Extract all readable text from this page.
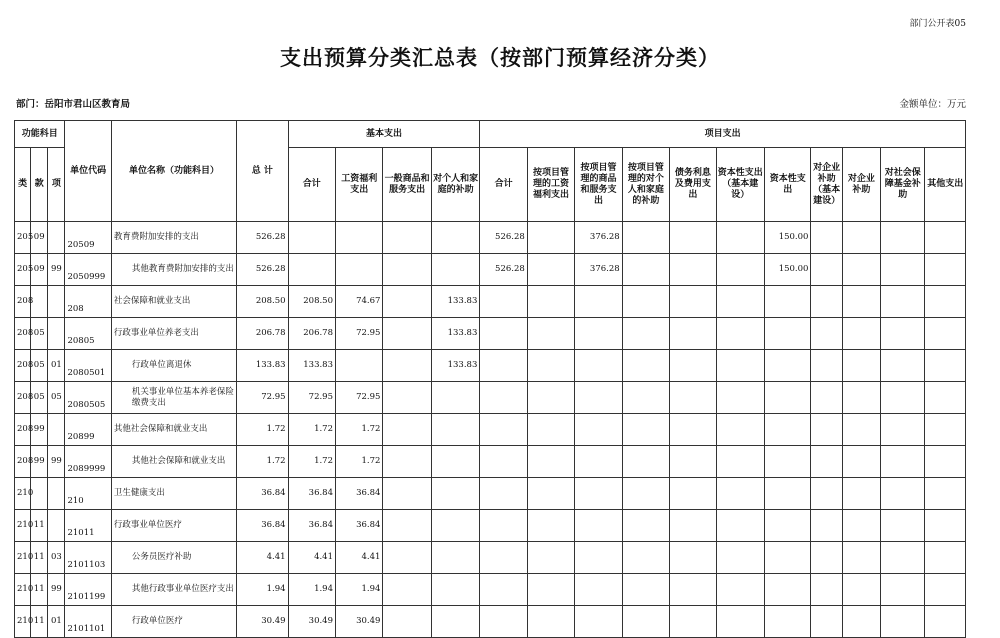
部门公开表05
支出预算分类汇总表（按部门预算经济分类）
部门：岳阳市君山区教育局	金额单位：万元
功能科目			单位代码	单位名称（功能科目）	总 计	基本支出				项目支出										
类	款	项				合计	工资福利支出	一般商品和服务支出	对个人和家庭的补助	合计	按项目管理的工资福利支出	按项目管理的商品和服务支出	按项目管理的对个人和家庭的补助	债务利息及费用支出	资本性支出（基本建设）	资本性支出	对企业补助（基本建设）	对企业补助	对社会保障基金补助	其他支出
205	09		20509	教育费附加安排的支出	526.28					526.28		376.28				150.00				
205	09	99	2050999	其他教育费附加安排的支出	526.28					526.28		376.28				150.00				
208			208	社会保障和就业支出	208.50	208.50	74.67		133.83											
208	05		20805	行政事业单位养老支出	206.78	206.78	72.95		133.83											
208	05	01	2080501	行政单位离退休	133.83	133.83			133.83											
208	05	05	2080505	机关事业单位基本养老保险缴费支出	72.95	72.95	72.95													
208	99		20899	其他社会保障和就业支出	1.72	1.72	1.72													
208	99	99	2089999	其他社会保障和就业支出	1.72	1.72	1.72													
210			210	卫生健康支出	36.84	36.84	36.84													
210	11		21011	行政事业单位医疗	36.84	36.84	36.84													
210	11	03	2101103	公务员医疗补助	4.41	4.41	4.41													
210	11	99	2101199	其他行政事业单位医疗支出	1.94	1.94	1.94													
210	11	01	2101101	行政单位医疗	30.49	30.49	30.49													
